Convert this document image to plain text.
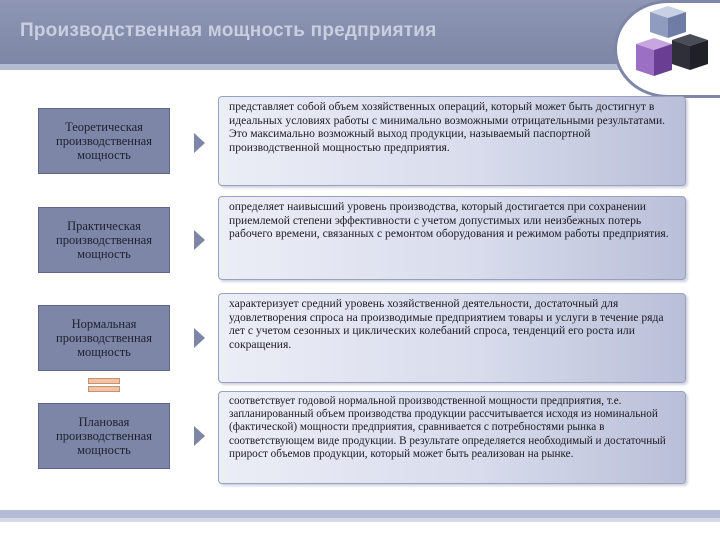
Производственная мощность предприятия
Теоретическая производственная мощность
представляет собой объем хозяйственных операций, который может быть достигнут в идеальных условиях работы с минимально возможными отрицательными результатами. Это максимально возможный выход продукции, называемый паспортной производственной мощностью предприятия.
Практическая производственная мощность
определяет наивысший уровень производства, который достигается при сохранении приемлемой степени эффективности с учетом допустимых или неизбежных потерь рабочего времени, связанных с ремонтом оборудования и режимом работы предприятия.
Нормальная производственная мощность
характеризует средний уровень хозяйственной деятельности, достаточный для удовлетворения спроса на производимые предприятием товары и услуги в течение ряда лет с учетом сезонных и циклических колебаний спроса, тенденций его роста или сокращения.
Плановая производственная мощность
соответствует годовой нормальной производственной мощности предприятия, т.е. запланированный объем производства продукции рассчитывается исходя из номинальной (фактической) мощности предприятия, сравнивается с потребностями рынка в соответствующем виде продукции. В результате определяется необходимый и достаточный прирост объемов продукции, который может быть реализован на рынке.
